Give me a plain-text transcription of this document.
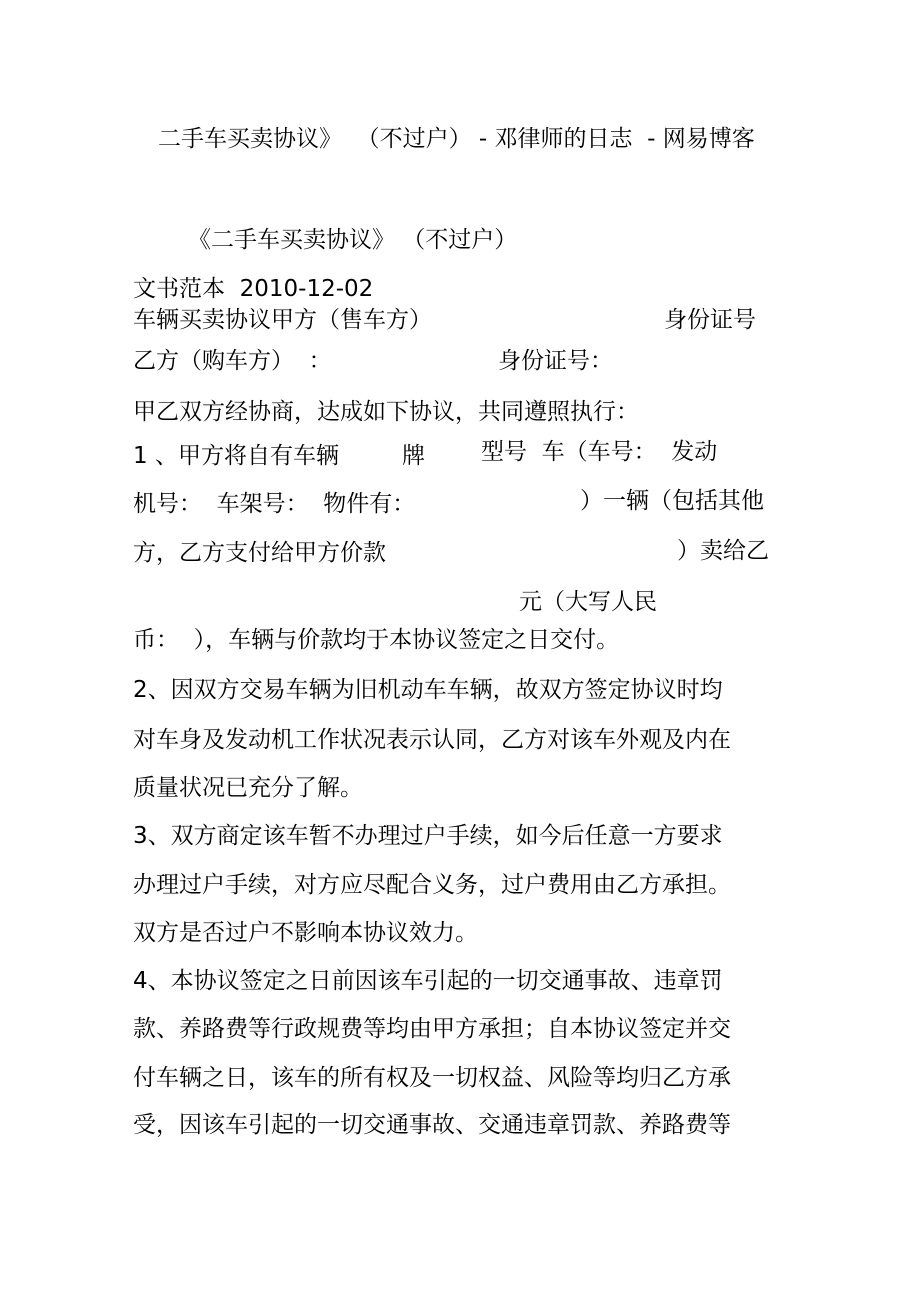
二手车买卖协议》  （不过户） - 邓律师的日志  - 网易博客

《二手车买卖协议》 （不过户）

文书范本  2010-12-02

车辆买卖协议甲方（售车方）	身份证号

乙方（购车方）  ：	身份证号：

甲乙双方经协商，达成如下协议，共同遵照执行：

1 、甲方将自有车辆	牌 型号  车（车号：  发动

机号：  车架号：  物件有：	）一辆（包括其他

方，乙方支付给甲方价款	）卖给乙

元（大写人民

币：  ），车辆与价款均于本协议签定之日交付。

2、因双方交易车辆为旧机动车车辆，故双方签定协议时均

对车身及发动机工作状况表示认同，乙方对该车外观及内在

质量状况已充分了解。

3、双方商定该车暂不办理过户手续，如今后任意一方要求

办理过户手续，对方应尽配合义务，过户费用由乙方承担。

双方是否过户不影响本协议效力。

4、本协议签定之日前因该车引起的一切交通事故、违章罚

款、养路费等行政规费等均由甲方承担；自本协议签定并交

付车辆之日，该车的所有权及一切权益、风险等均归乙方承

受，因该车引起的一切交通事故、交通违章罚款、养路费等
